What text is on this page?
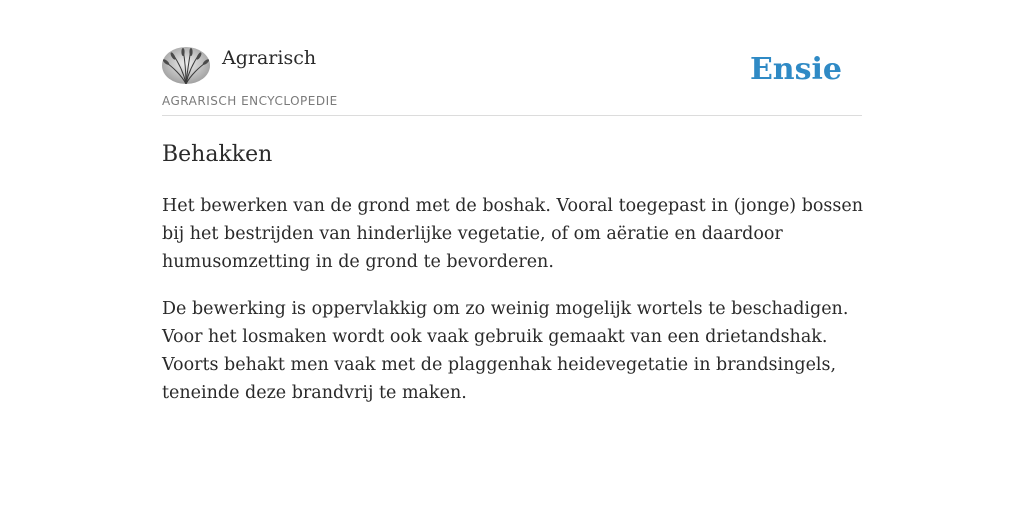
Agrarisch
AGRARISCH ENCYCLOPEDIE
Ensie
Behakken

Het bewerken van de grond met de boshak. Vooral toegepast in (jonge) bossen bij het bestrijden van hinderlijke vegetatie, of om aëratie en daardoor humusomzetting in de grond te bevorderen.

De bewerking is oppervlakkig om zo weinig mogelijk wortels te beschadigen. Voor het losmaken wordt ook vaak gebruik gemaakt van een drietandshak. Voorts behakt men vaak met de plaggenhak heidevegetatie in brandsingels, teneinde deze brandvrij te maken.
